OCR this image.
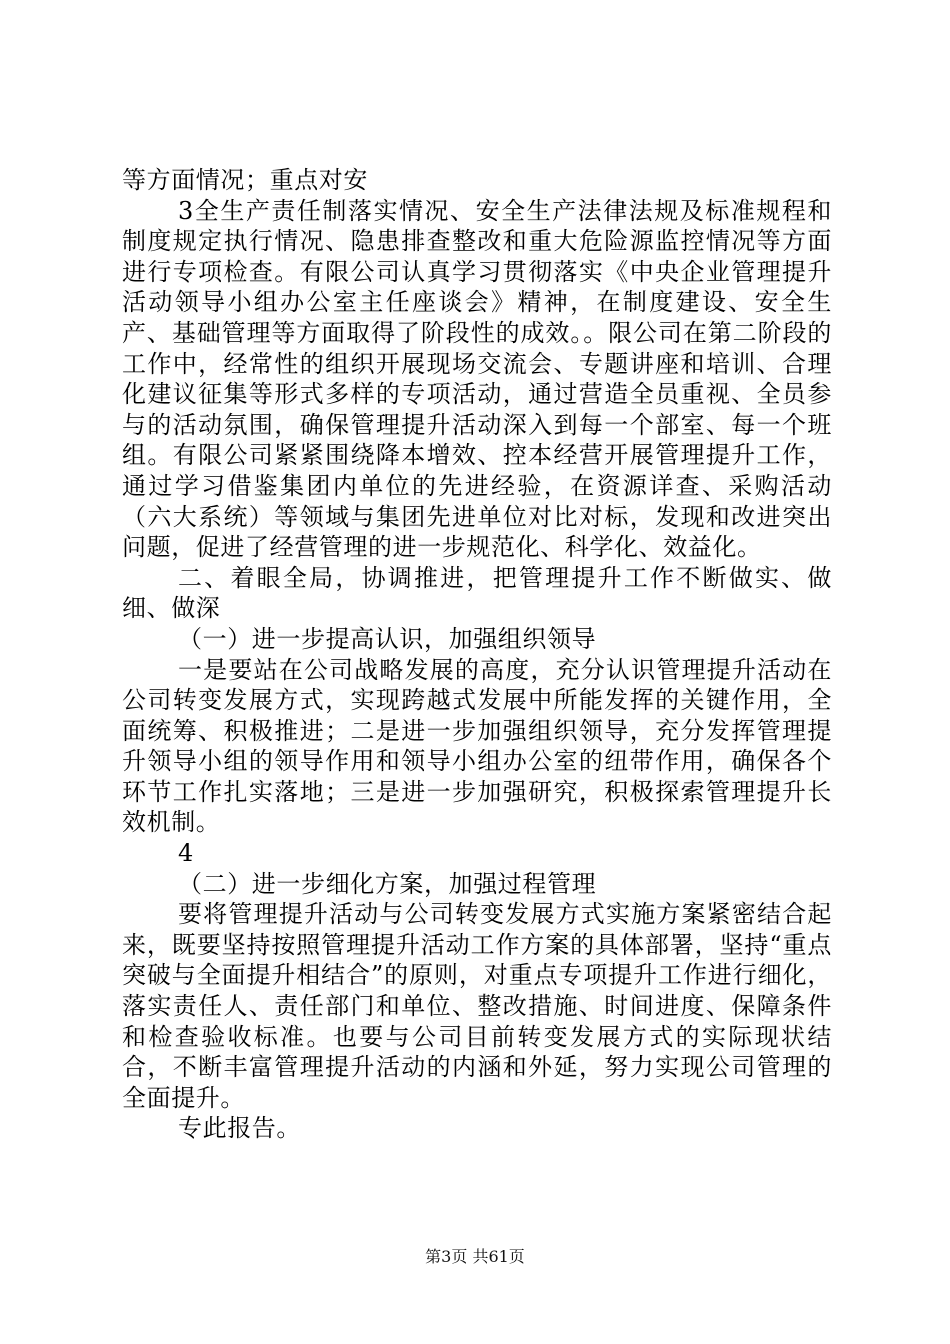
等方面情况；重点对安

3全生产责任制落实情况、安全生产法律法规及标准规程和制度规定执行情况、隐患排查整改和重大危险源监控情况等方面进行专项检查。有限公司认真学习贯彻落实《中央企业管理提升活动领导小组办公室主任座谈会》精神，在制度建设、安全生产、基础管理等方面取得了阶段性的成效。。限公司在第二阶段的工作中，经常性的组织开展现场交流会、专题讲座和培训、合理化建议征集等形式多样的专项活动，通过营造全员重视、全员参与的活动氛围，确保管理提升活动深入到每一个部室、每一个班组。有限公司紧紧围绕降本增效、控本经营开展管理提升工作，通过学习借鉴集团内单位的先进经验，在资源详查、采购活动（六大系统）等领域与集团先进单位对比对标，发现和改进突出问题，促进了经营管理的进一步规范化、科学化、效益化。

二、着眼全局，协调推进，把管理提升工作不断做实、做细、做深

（一）进一步提高认识，加强组织领导

一是要站在公司战略发展的高度，充分认识管理提升活动在公司转变发展方式，实现跨越式发展中所能发挥的关键作用，全面统筹、积极推进；二是进一步加强组织领导，充分发挥管理提升领导小组的领导作用和领导小组办公室的纽带作用，确保各个环节工作扎实落地；三是进一步加强研究，积极探索管理提升长效机制。

4

（二）进一步细化方案，加强过程管理

要将管理提升活动与公司转变发展方式实施方案紧密结合起来，既要坚持按照管理提升活动工作方案的具体部署，坚持“重点突破与全面提升相结合”的原则，对重点专项提升工作进行细化，落实责任人、责任部门和单位、整改措施、时间进度、保障条件和检查验收标准。也要与公司目前转变发展方式的实际现状结合，不断丰富管理提升活动的内涵和外延，努力实现公司管理的全面提升。

专此报告。

第3页 共61页
